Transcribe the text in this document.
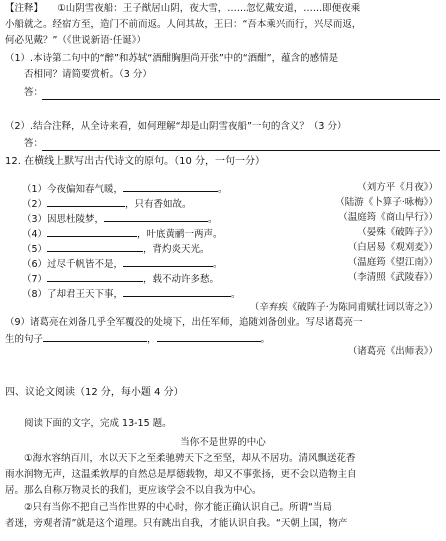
【注释】　　①山阴雪夜船：王子猷居山阴，夜大雪，……忽忆戴安道，……即便夜乘
小船就之。经宿方至，造门不前而返。人问其故，王曰：“吾本乘兴而行，兴尽而返，
何必见戴？”（《世说新语·任诞》）
（1）.本诗第二句中的“醉”和苏轼“酒酣胸胆尚开张”中的“酒酣”，蕴含的感情是
否相同？请简要赏析。（3 分）
答：
（2）.结合注释，从全诗来看，如何理解“却是山阴雪夜船”一句的含义？（3 分）
答：
12. 在横线上默写出古代诗文的原句。（10 分，一句一分）
（1）今夜偏知春气暖，	。	（刘方平《月夜》）
（2）	，只有香如故。	（陆游《卜算子·咏梅》）
（3）因思杜陵梦，	。	（温庭筠《商山早行》）
（4）	，叶底黄鹂一两声。	（晏殊《破阵子》）
（5）	，背灼炎天光。	（白居易《观刈麦》）
（6）过尽千帆皆不是，	。	（温庭筠《望江南》）
（7）	，载不动许多愁。	（李清照《武陵春》）
（8）了却君王天下事，	。
（辛弃疾《破阵子·为陈同甫赋壮词以寄之》）
（9）诸葛亮在刘备几乎全军覆没的处境下，出任军师，追随刘备创业。写尽诸葛亮一
生的句子	，	。
（诸葛亮《出师表》）
四、议论文阅读（12 分，每小题 4 分）
阅读下面的文字，完成 13-15 题。
当你不是世界的中心
①海水容纳百川，水以天下之至柔驰骋天下之至坚，却从不居功。清风飘送花香
雨水润物无声，这温柔敦厚的自然总是厚德载物，却又不事张扬，更不会以造物主自
居。那么自称万物灵长的我们，更应该学会不以自我为中心。
②只有当你不把自己当作世界的中心时，你才能正确认识自己。所谓“当局
者迷，旁观者清”就是这个道理。只有跳出自我，才能认识自我。“天朝上国，物产
